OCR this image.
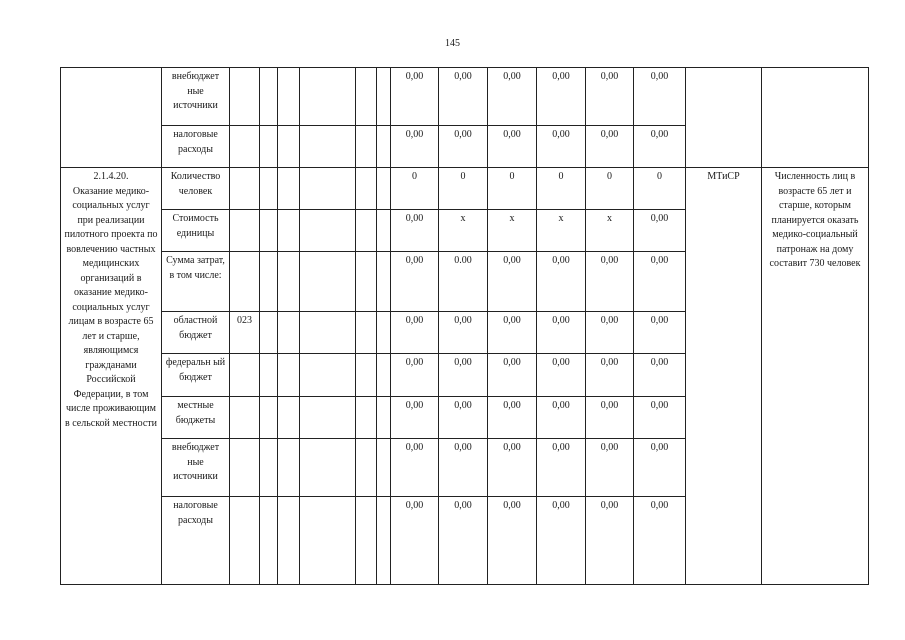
145
	внебюджет ные источники							0,00	0,00	0,00	0,00	0,00	0,00		
	налоговые расходы							0,00	0,00	0,00	0,00	0,00	0,00		
2.1.4.20.
Оказание медико-социальных услуг при реализации пилотного проекта по вовлечению частных медицинских организаций в оказание медико-социальных услуг лицам в возрасте 65 лет и старше, являющимся гражданами Российской Федерации, в том числе проживающим в сельской местности	Количество человек							0	0	0	0	0	0	МТиСР	Численность лиц в возрасте 65 лет и старше, которым планируется оказать медико-социальный патронаж на дому составит 730 человек
	Стоимость единицы							0,00	х	х	х	х	0,00		
	Сумма затрат, в том числе:							0,00	0.00	0,00	0,00	0,00	0,00		
	областной бюджет	023						0,00	0,00	0,00	0,00	0,00	0,00		
	федеральн ый бюджет							0,00	0,00	0,00	0,00	0,00	0,00		
	местные бюджеты							0,00	0,00	0,00	0,00	0,00	0,00		
	внебюджет ные источники							0,00	0,00	0,00	0,00	0,00	0,00		
	налоговые расходы							0,00	0,00	0,00	0,00	0,00	0,00		
